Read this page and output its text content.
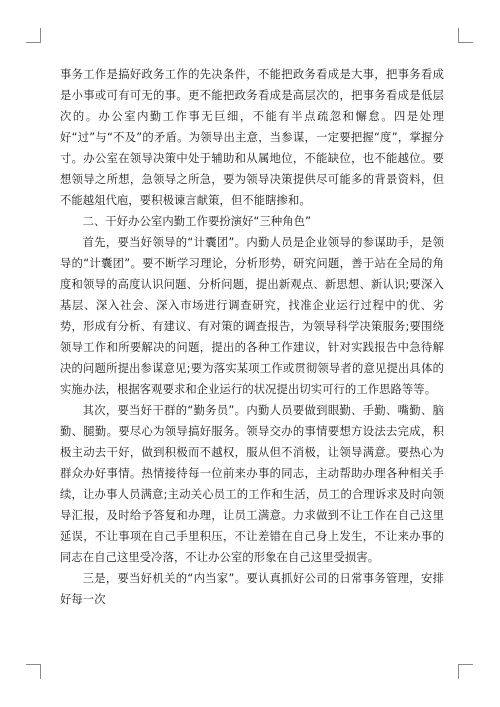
事务工作是搞好政务工作的先决条件，不能把政务看成是大事，把事务看成是小事或可有可无的事。更不能把政务看成是高层次的，把事务看成是低层次的。办公室内勤工作事无巨细，不能有半点疏忽和懈怠。四是处理好“过”与“不及”的矛盾。为领导出主意，当参谋，一定要把握“度”，掌握分寸。办公室在领导决策中处于辅助和从属地位，不能缺位，也不能越位。要想领导之所想，急领导之所急，要为领导决策提供尽可能多的背景资料，但不能越俎代庖，要积极谏言献策，但不能瞎掺和。

二、干好办公室内勤工作要扮演好“三种角色”

首先，要当好领导的“计囊团”。内勤人员是企业领导的参谋助手，是领导的“计囊团”。要不断学习理论，分析形势，研究问题，善于站在全局的角度和领导的高度认识问题、分析问题，提出新观点、新思想、新认识;要深入基层、深入社会、深入市场进行调查研究，找准企业运行过程中的优、劣势，形成有分析、有建议、有对策的调查报告，为领导科学决策服务;要围绕领导工作和所要解决的问题，提出的各种工作建议，针对实践报告中急待解决的问题所提出参谋意见;要为落实某项工作或贯彻领导者的意见提出具体的实施办法，根据客观要求和企业运行的状况提出切实可行的工作思路等等。

其次，要当好干群的“勤务员”。内勤人员要做到眼勤、手勤、嘴勤、脑勤、腿勤。要尽心为领导搞好服务。领导交办的事情要想方设法去完成，积极主动去干好，做到积极而不越权，服从但不消极，让领导满意。要热心为群众办好事情。热情接待每一位前来办事的同志，主动帮助办理各种相关手续，让办事人员满意;主动关心员工的工作和生活，员工的合理诉求及时向领导汇报，及时给予答复和办理，让员工满意。力求做到不让工作在自己这里延误，不让事项在自己手里积压，不让差错在自己身上发生，不让来办事的同志在自己这里受冷落，不让办公室的形象在自己这里受损害。

三是，要当好机关的“内当家”。要认真抓好公司的日常事务管理，安排好每一次
